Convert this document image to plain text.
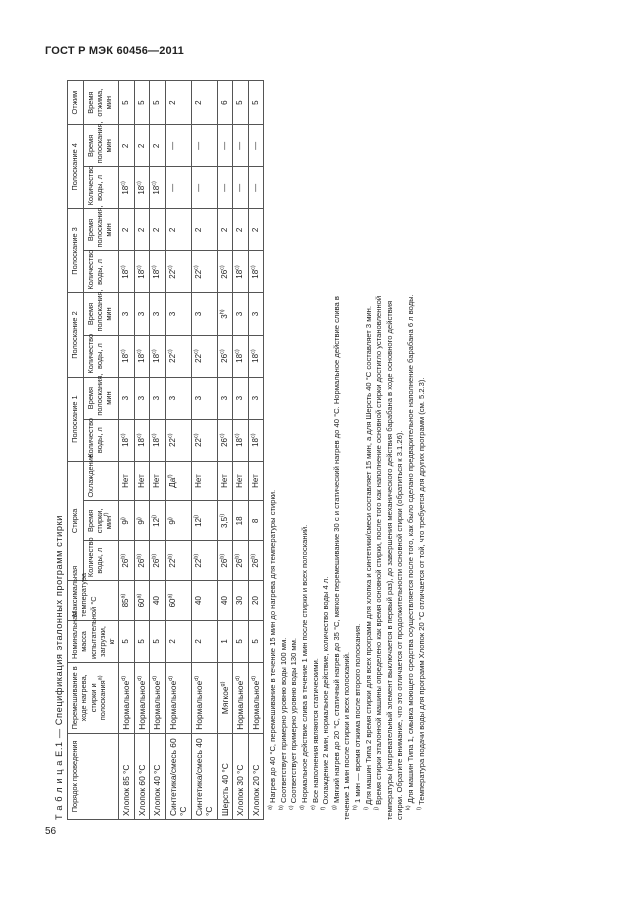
ГОСТ Р МЭК 60456—2011
56
Т а б л и ц а Е.1 — Спецификация эталонных программ стирки Порядок проведения	Перемешивание в ходе нагрева, стирки и полоскания$^{а)}$	Номинальная масса испытательной загрузки, кг	Максимальная температура °С	Стирка			Полоскание 1		Полоскание 2		Полоскание 3		Полоскание 4		Отжим
				Количество воды, л	Время стирки, мин$^{f)}$	Охлаждение	Количество воды, л	Время полоскания, мин	Количество воды, л	Время полоскания, мин	Количество воды, л	Время полоскания, мин	Количество воды, л	Время полоскания, мин	Время отжима, мин
Хлопок 85 °С	Нормальное$^{d)}$	5	85$^{a)}$	26$^{b)}$	9$^{j)}$	Нет	18$^{c)}$	3	18$^{c)}$	3	18$^{c)}$	2	18$^{c)}$	2	5
Хлопок 60 °С	Нормальное$^{d)}$	5	60$^{a)}$	26$^{b)}$	9$^{j)}$	Нет	18$^{c)}$	3	18$^{c)}$	3	18$^{c)}$	2	18$^{c)}$	2	5
Хлопок 40 °С	Нормальное$^{d)}$	5	40	26$^{b)}$	12$^{j)}$	Нет	18$^{c)}$	3	18$^{c)}$	3	18$^{c)}$	2	18$^{c)}$	2	5
Синтетика/смесь 60 °С	Нормальное$^{d)}$	2	60$^{a)}$	22$^{b)}$	9$^{j)}$	$Да^{f)}$	22$^{c)}$	3	22$^{c)}$	3	22$^{c)}$	2	—	—	2
Синтетика/смесь 40 °С	Нормальное$^{d)}$	2	40	22$^{b)}$	12$^{j)}$	Нет	22$^{c)}$	3	22$^{c)}$	3	22$^{c)}$	2	—	—	2
Шерсть 40 °С	Мягкое$^{g)}$	1	40	26$^{b)}$	3,5$^{i)}$	Нет	26$^{c)}$	3	26$^{c)}$	3$^{h)}$	26$^{c)}$	2	—	—	6
Хлопок 30 °С	Нормальное$^{d)}$	5	30	26$^{b)}$	18	Нет	18$^{c)}$	3	18$^{c)}$	3	18$^{c)}$	2	—	—	5
Хлопок 20 °С	Нормальное$^{d)}$	5	20	26$^{b)}$	8	Нет	18$^{c)}$	3	18$^{c)}$	3	18$^{c)}$	2	—	—	5
$^{a)}$ Нагрев до 40 °С, перемешивание в течение 15 мин до нагрева для температуры стирки.
$^{b)}$ Соответствует примерно уровню воды 100 мм.
$^{c)}$ Соответствует примерно уровню воды 130 мм.
$^{d)}$ Нормальное действие слива в течение 1 мин после стирки и всех полосканий.
$^{e)}$ Все наполнения являются статическими.
$^{f)}$ Охлаждение 2 мин, нормальное действие, количество воды 4 л.
$^{g)}$ Мягкий нагрев до 20 °С, статичный нагрев до 35 °С, мягкое перемешивание 30 с и статический нагрев до 40 °С. Нормальное действие слива в течение 1 мин после стирки и всех полосканий. $^{h)}$ 1 мин — время отжима после второго полоскания.
$^{i)}$ Для машин Типа 2 время стирки для всех программ для хлопка и синтетики/смеси составляет 15 мин, а для Шерсть 40 °С составляет 3 мин.
$^{j)}$ Время стирки эталонной машины определено как время основной стирки, после того как наполнение основной стирки достигло установленной температуры (нагревательный элемент выключается в первый раз), до завершения механического действия барабана в ходе основного действия стирки. Обратите внимание, что это отличается от продолжительности основной стирки (обратиться к 3.1.26). $^{k)}$ Для машин Типа 1, смывка моющего средства осуществляется после того, как было сделано предварительное наполнение барабана 6 л воды.
$^{l)}$ Температура подачи воды для программ Хлопок 20 °С отличается от той, что требуется для других программ (см. 5.2.3).
